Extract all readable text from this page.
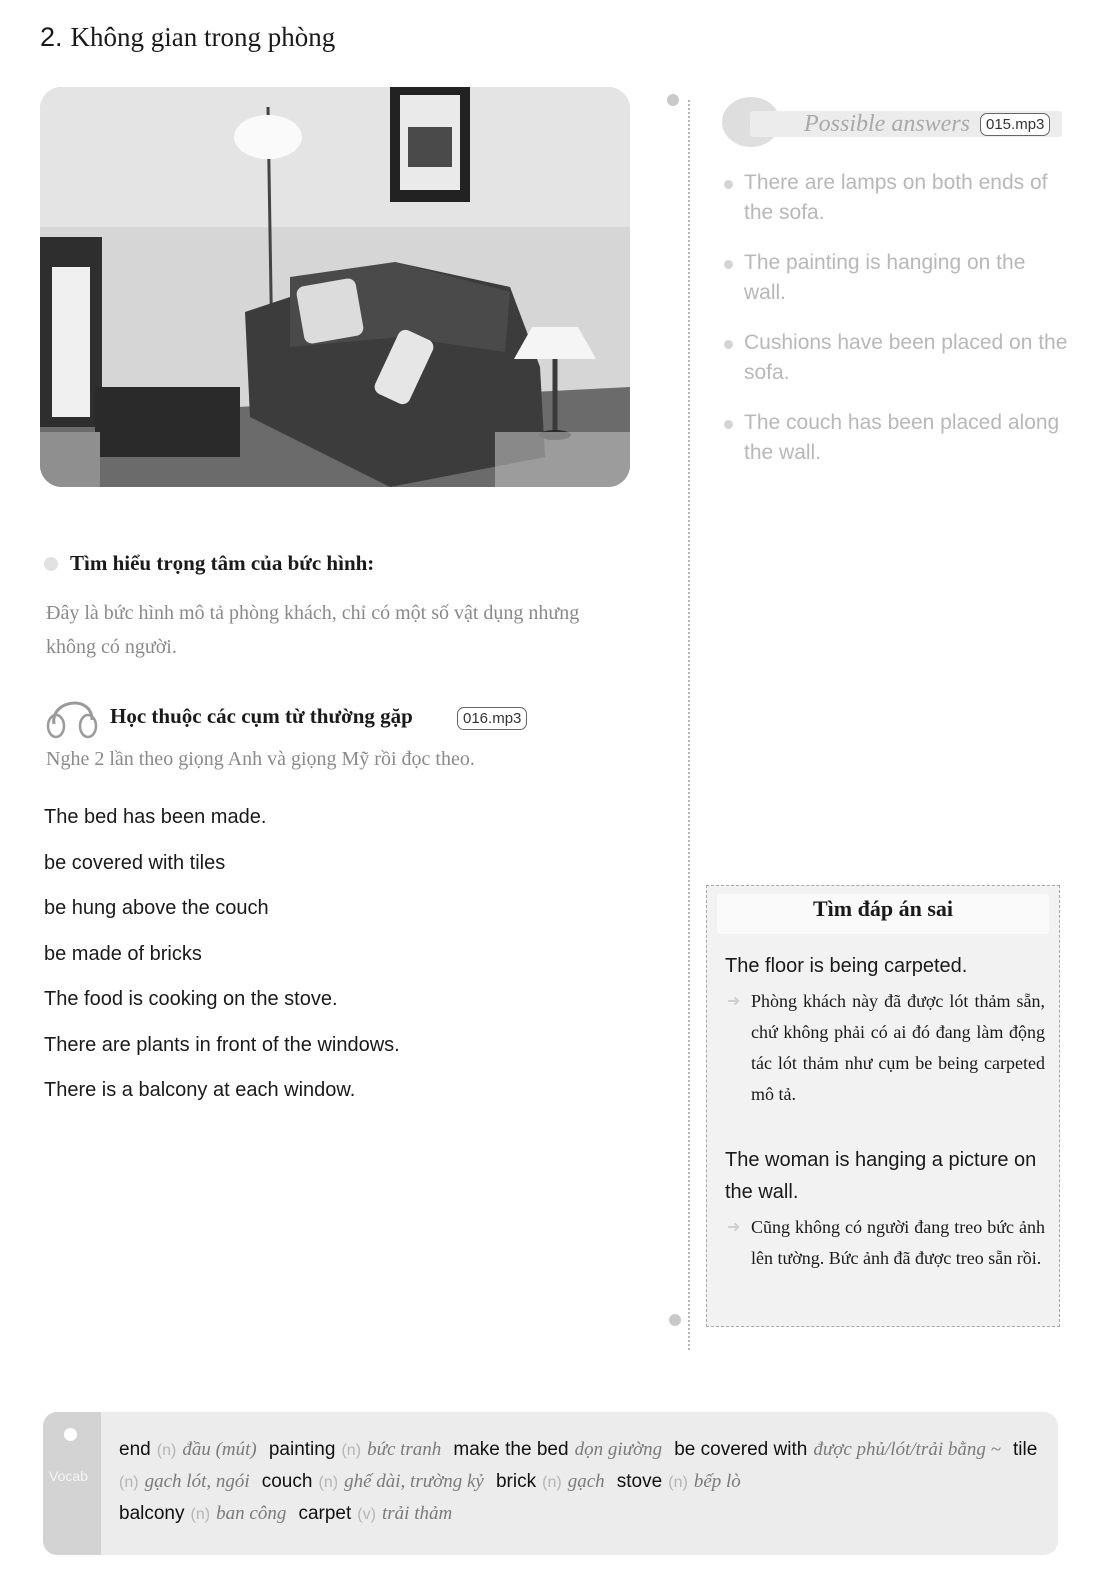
2. Không gian trong phòng
Possible answers	015.mp3
There are lamps on both ends of the sofa.
The painting is hanging on the wall.
Cushions have been placed on the sofa.
The couch has been placed along the wall.
Tìm hiểu trọng tâm của bức hình:
Đây là bức hình mô tả phòng khách, chỉ có một số vật dụng nhưng không có người.
Học thuộc các cụm từ thường gặp	016.mp3
Nghe 2 lần theo giọng Anh và giọng Mỹ rồi đọc theo.
The bed has been made.
be covered with tiles
be hung above the couch
be made of bricks
The food is cooking on the stove.
There are plants in front of the windows.
There is a balcony at each window.
Tìm đáp án sai
The floor is being carpeted.
➜ Phòng khách này đã được lót thảm sẵn, chứ không phải có ai đó đang làm động tác lót thảm như cụm be being carpeted mô tả.
The woman is hanging a picture on the wall.
➜ Cũng không có người đang treo bức ảnh lên tường. Bức ảnh đã được treo sẵn rồi.
Vocab
end (n) đầu (mút) painting (n) bức tranh make the bed dọn giường be covered with được phủ/lót/trải bằng ~ tile (n) gạch lót, ngói couch (n) ghế dài, trường kỷ brick (n) gạch stove (n) bếp lò
balcony (n) ban công carpet (v) trải thảm
